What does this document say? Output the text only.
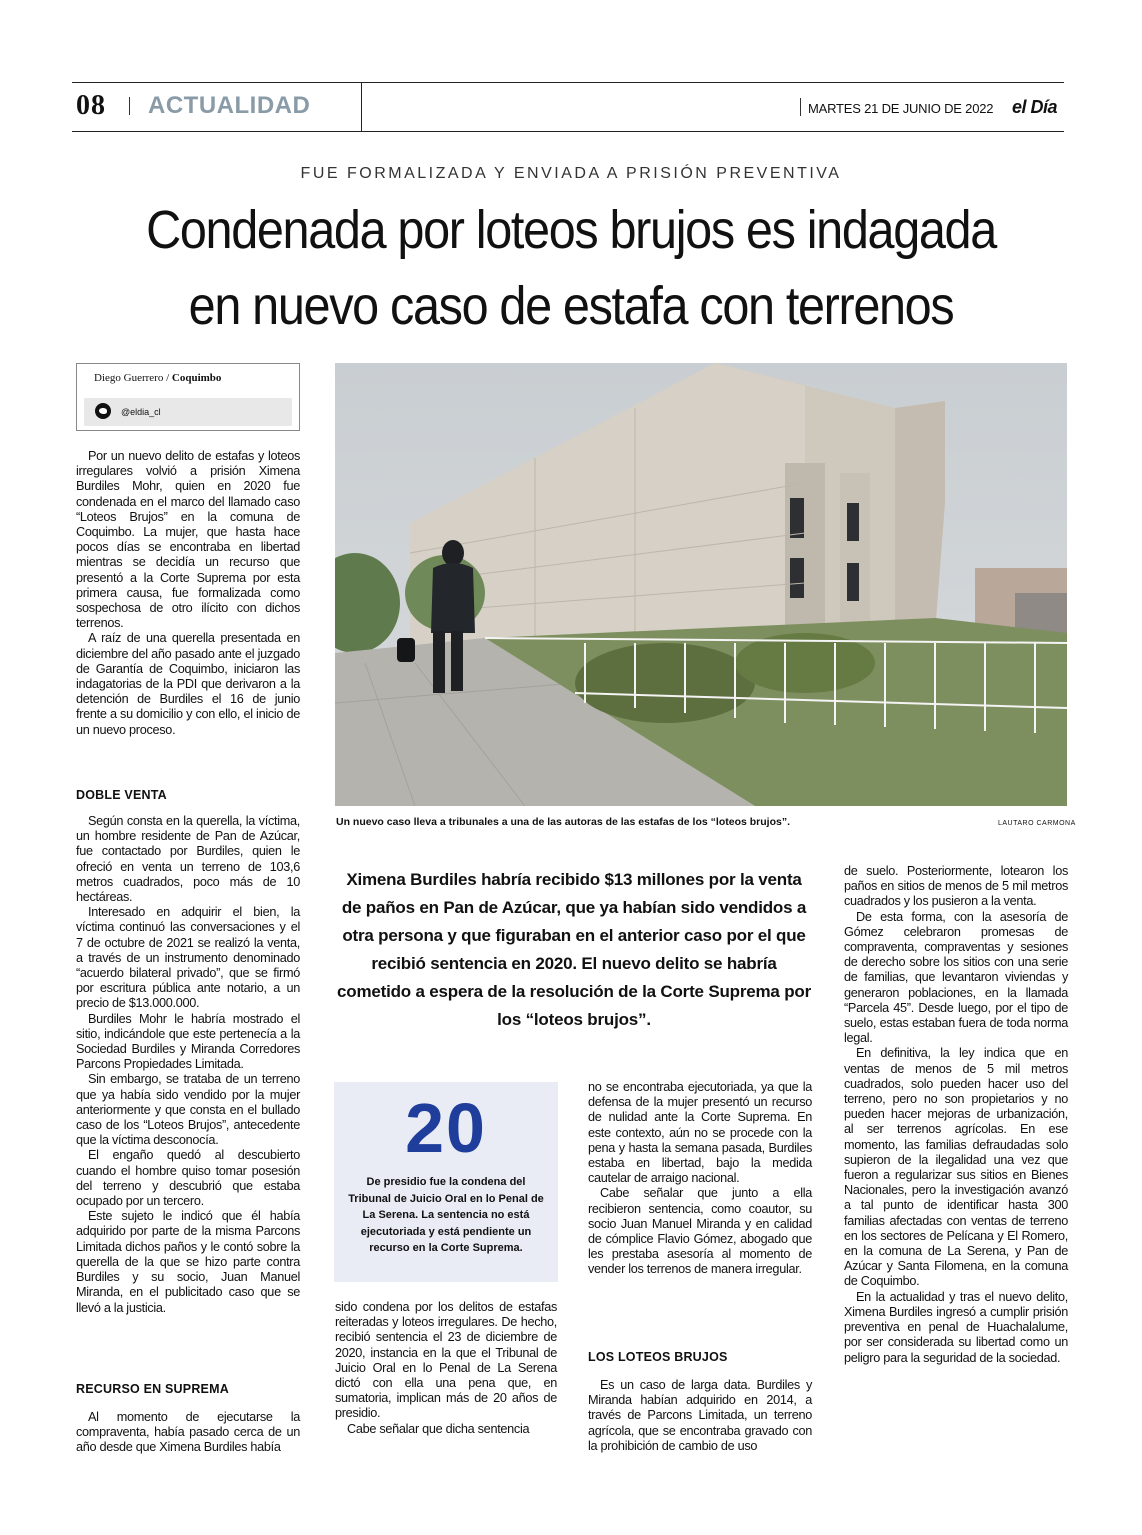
08 ACTUALIDAD	MARTES 21 DE JUNIO DE 2022 el Día
FUE FORMALIZADA Y ENVIADA A PRISIÓN PREVENTIVA
Condenada por loteos brujos es indagada
en nuevo caso de estafa con terrenos
Diego Guerrero / Coquimbo
@eldia_cl
Un nuevo caso lleva a tribunales a una de las autoras de las estafas de los “loteos brujos”.	LAUTARO CARMONA

Por un nuevo delito de estafas y loteos irregulares volvió a prisión Ximena Burdiles Mohr, quien en 2020 fue condenada en el marco del llamado caso “Loteos Brujos” en la comuna de Coquimbo. La mujer, que hasta hace pocos días se encontraba en libertad mientras se decidía un recurso que presentó a la Corte Suprema por esta primera causa, fue formalizada como sospechosa de otro ilícito con dichos terrenos.

A raíz de una querella presentada en diciembre del año pasado ante el juzgado de Garantía de Coquimbo, iniciaron las indagatorias de la PDI que derivaron a la detención de Burdiles el 16 de junio frente a su domicilio y con ello, el inicio de un nuevo proceso.

DOBLE VENTA

Según consta en la querella, la víctima, un hombre residente de Pan de Azúcar, fue contactado por Burdiles, quien le ofreció en venta un terreno de 103,6 metros cuadrados, poco más de 10 hectáreas.

Interesado en adquirir el bien, la víctima continuó las conversaciones y el 7 de octubre de 2021 se realizó la venta, a través de un instrumento denominado “acuerdo bilateral privado”, que se firmó por escritura pública ante notario, a un precio de $13.000.000.

Burdiles Mohr le habría mostrado el sitio, indicándole que este pertenecía a la Sociedad Burdiles y Miranda Corredores Parcons Propiedades Limitada.

Sin embargo, se trataba de un terreno que ya había sido vendido por la mujer anteriormente y que consta en el bullado caso de los “Loteos Brujos”, antecedente que la víctima desconocía.

El engaño quedó al descubierto cuando el hombre quiso tomar posesión del terreno y descubrió que estaba ocupado por un tercero.

Este sujeto le indicó que él había adquirido por parte de la misma Parcons Limitada dichos paños y le contó sobre la querella de la que se hizo parte contra Burdiles y su socio, Juan Manuel Miranda, en el publicitado caso que se llevó a la justicia.

RECURSO EN SUPREMA

Al momento de ejecutarse la compraventa, había pasado cerca de un año desde que Ximena Burdiles había

Ximena Burdiles habría recibido $13 millones por la venta de paños en Pan de Azúcar, que ya habían sido vendidos a otra persona y que figuraban en el anterior caso por el que recibió sentencia en 2020. El nuevo delito se habría cometido a espera de la resolución de la Corte Suprema por los “loteos brujos”.
20
De presidio fue la condena del Tribunal de Juicio Oral en lo Penal de La Serena. La sentencia no está ejecutoriada y está pendiente un recurso en la Corte Suprema.

sido condena por los delitos de estafas reiteradas y loteos irregulares. De hecho, recibió sentencia el 23 de diciembre de 2020, instancia en la que el Tribunal de Juicio Oral en lo Penal de La Serena dictó con ella una pena que, en sumatoria, implican más de 20 años de presidio.

Cabe señalar que dicha sentencia

no se encontraba ejecutoriada, ya que la defensa de la mujer presentó un recurso de nulidad ante la Corte Suprema. En este contexto, aún no se procede con la pena y hasta la semana pasada, Burdiles estaba en libertad, bajo la medida cautelar de arraigo nacional.

Cabe señalar que junto a ella recibieron sentencia, como coautor, su socio Juan Manuel Miranda y en calidad de cómplice Flavio Gómez, abogado que les prestaba asesoría al momento de vender los terrenos de manera irregular.

LOS LOTEOS BRUJOS

Es un caso de larga data. Burdiles y Miranda habían adquirido en 2014, a través de Parcons Limitada, un terreno agrícola, que se encontraba gravado con la prohibición de cambio de uso

de suelo. Posteriormente, lotearon los paños en sitios de menos de 5 mil metros cuadrados y los pusieron a la venta.

De esta forma, con la asesoría de Gómez celebraron promesas de compraventa, compraventas y sesiones de derecho sobre los sitios con una serie de familias, que levantaron viviendas y generaron poblaciones, en la llamada “Parcela 45”. Desde luego, por el tipo de suelo, estas estaban fuera de toda norma legal.

En definitiva, la ley indica que en ventas de menos de 5 mil metros cuadrados, solo pueden hacer uso del terreno, pero no son propietarios y no pueden hacer mejoras de urbanización, al ser terrenos agrícolas. En ese momento, las familias defraudadas solo supieron de la ilegalidad una vez que fueron a regularizar sus sitios en Bienes Nacionales, pero la investigación avanzó a tal punto de identificar hasta 300 familias afectadas con ventas de terreno en los sectores de Pelícana y El Romero, en la comuna de La Serena, y Pan de Azúcar y Santa Filomena, en la comuna de Coquimbo.

En la actualidad y tras el nuevo delito, Ximena Burdiles ingresó a cumplir prisión preventiva en penal de Huachalalume, por ser considerada su libertad como un peligro para la seguridad de la sociedad.
